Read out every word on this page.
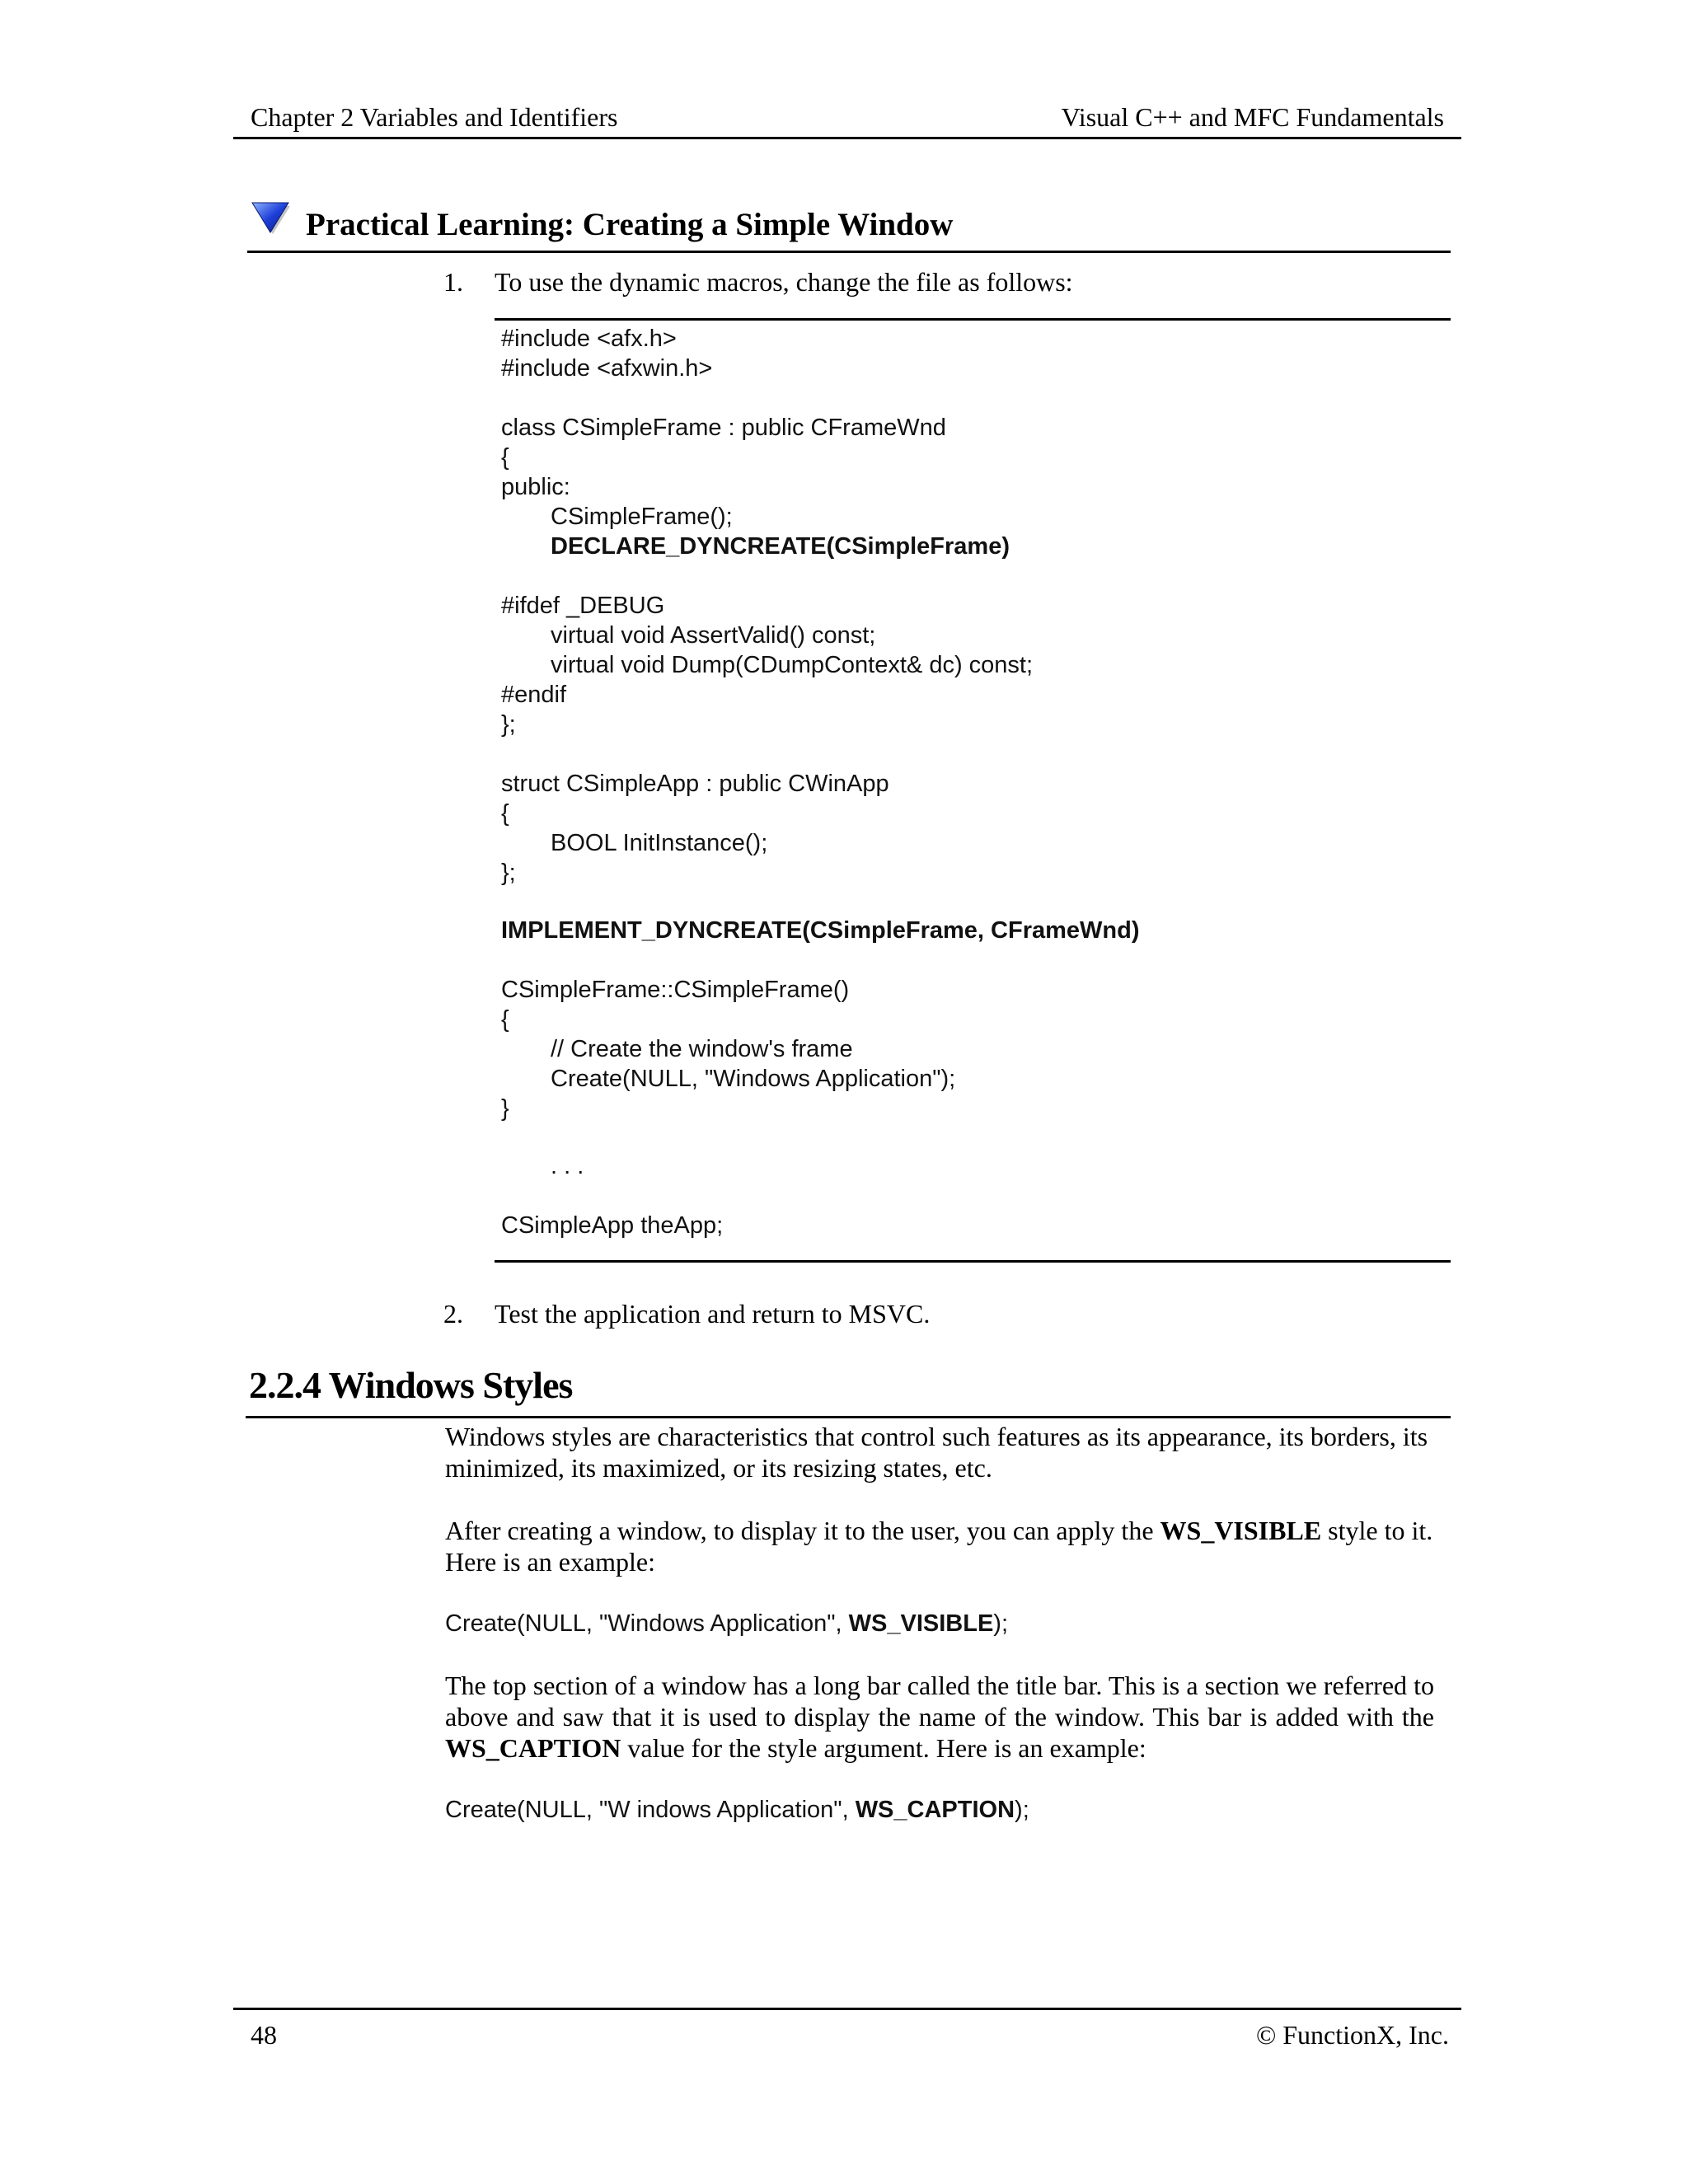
Chapter 2 Variables and Identifiers	Visual C++ and MFC Fundamentals
Practical Learning: Creating a Simple Window
1. To use the dynamic macros, change the file as follows:
#include <afx.h>
#include <afxwin.h>
class CSimpleFrame : public CFrameWnd
{
public:
CSimpleFrame();
DECLARE_DYNCREATE(CSimpleFrame)
#ifdef _DEBUG
virtual void AssertValid() const;
virtual void Dump(CDumpContext& dc) const;
#endif
};
struct CSimpleApp : public CWinApp
{
BOOL InitInstance();
};
IMPLEMENT_DYNCREATE(CSimpleFrame, CFrameWnd)
CSimpleFrame::CSimpleFrame()
{
// Create the window's frame
Create(NULL, "Windows Application");
}
. . .
CSimpleApp theApp;
2. Test the application and return to MSVC.
2.2.4 Windows Styles
Windows styles are characteristics that control such features as its appearance, its borders, its minimized, its maximized, or its resizing states, etc.
After creating a window, to display it to the user, you can apply the WS_VISIBLE style to it. Here is an example:
Create(NULL, "Windows Application", WS_VISIBLE);
The top section of a window has a long bar called the title bar. This is a section we referred to above and saw that it is used to display the name of the window. This bar is added with the WS_CAPTION value for the style argument. Here is an example:
Create(NULL, "W indows Application", WS_CAPTION);
48	© FunctionX, Inc.
